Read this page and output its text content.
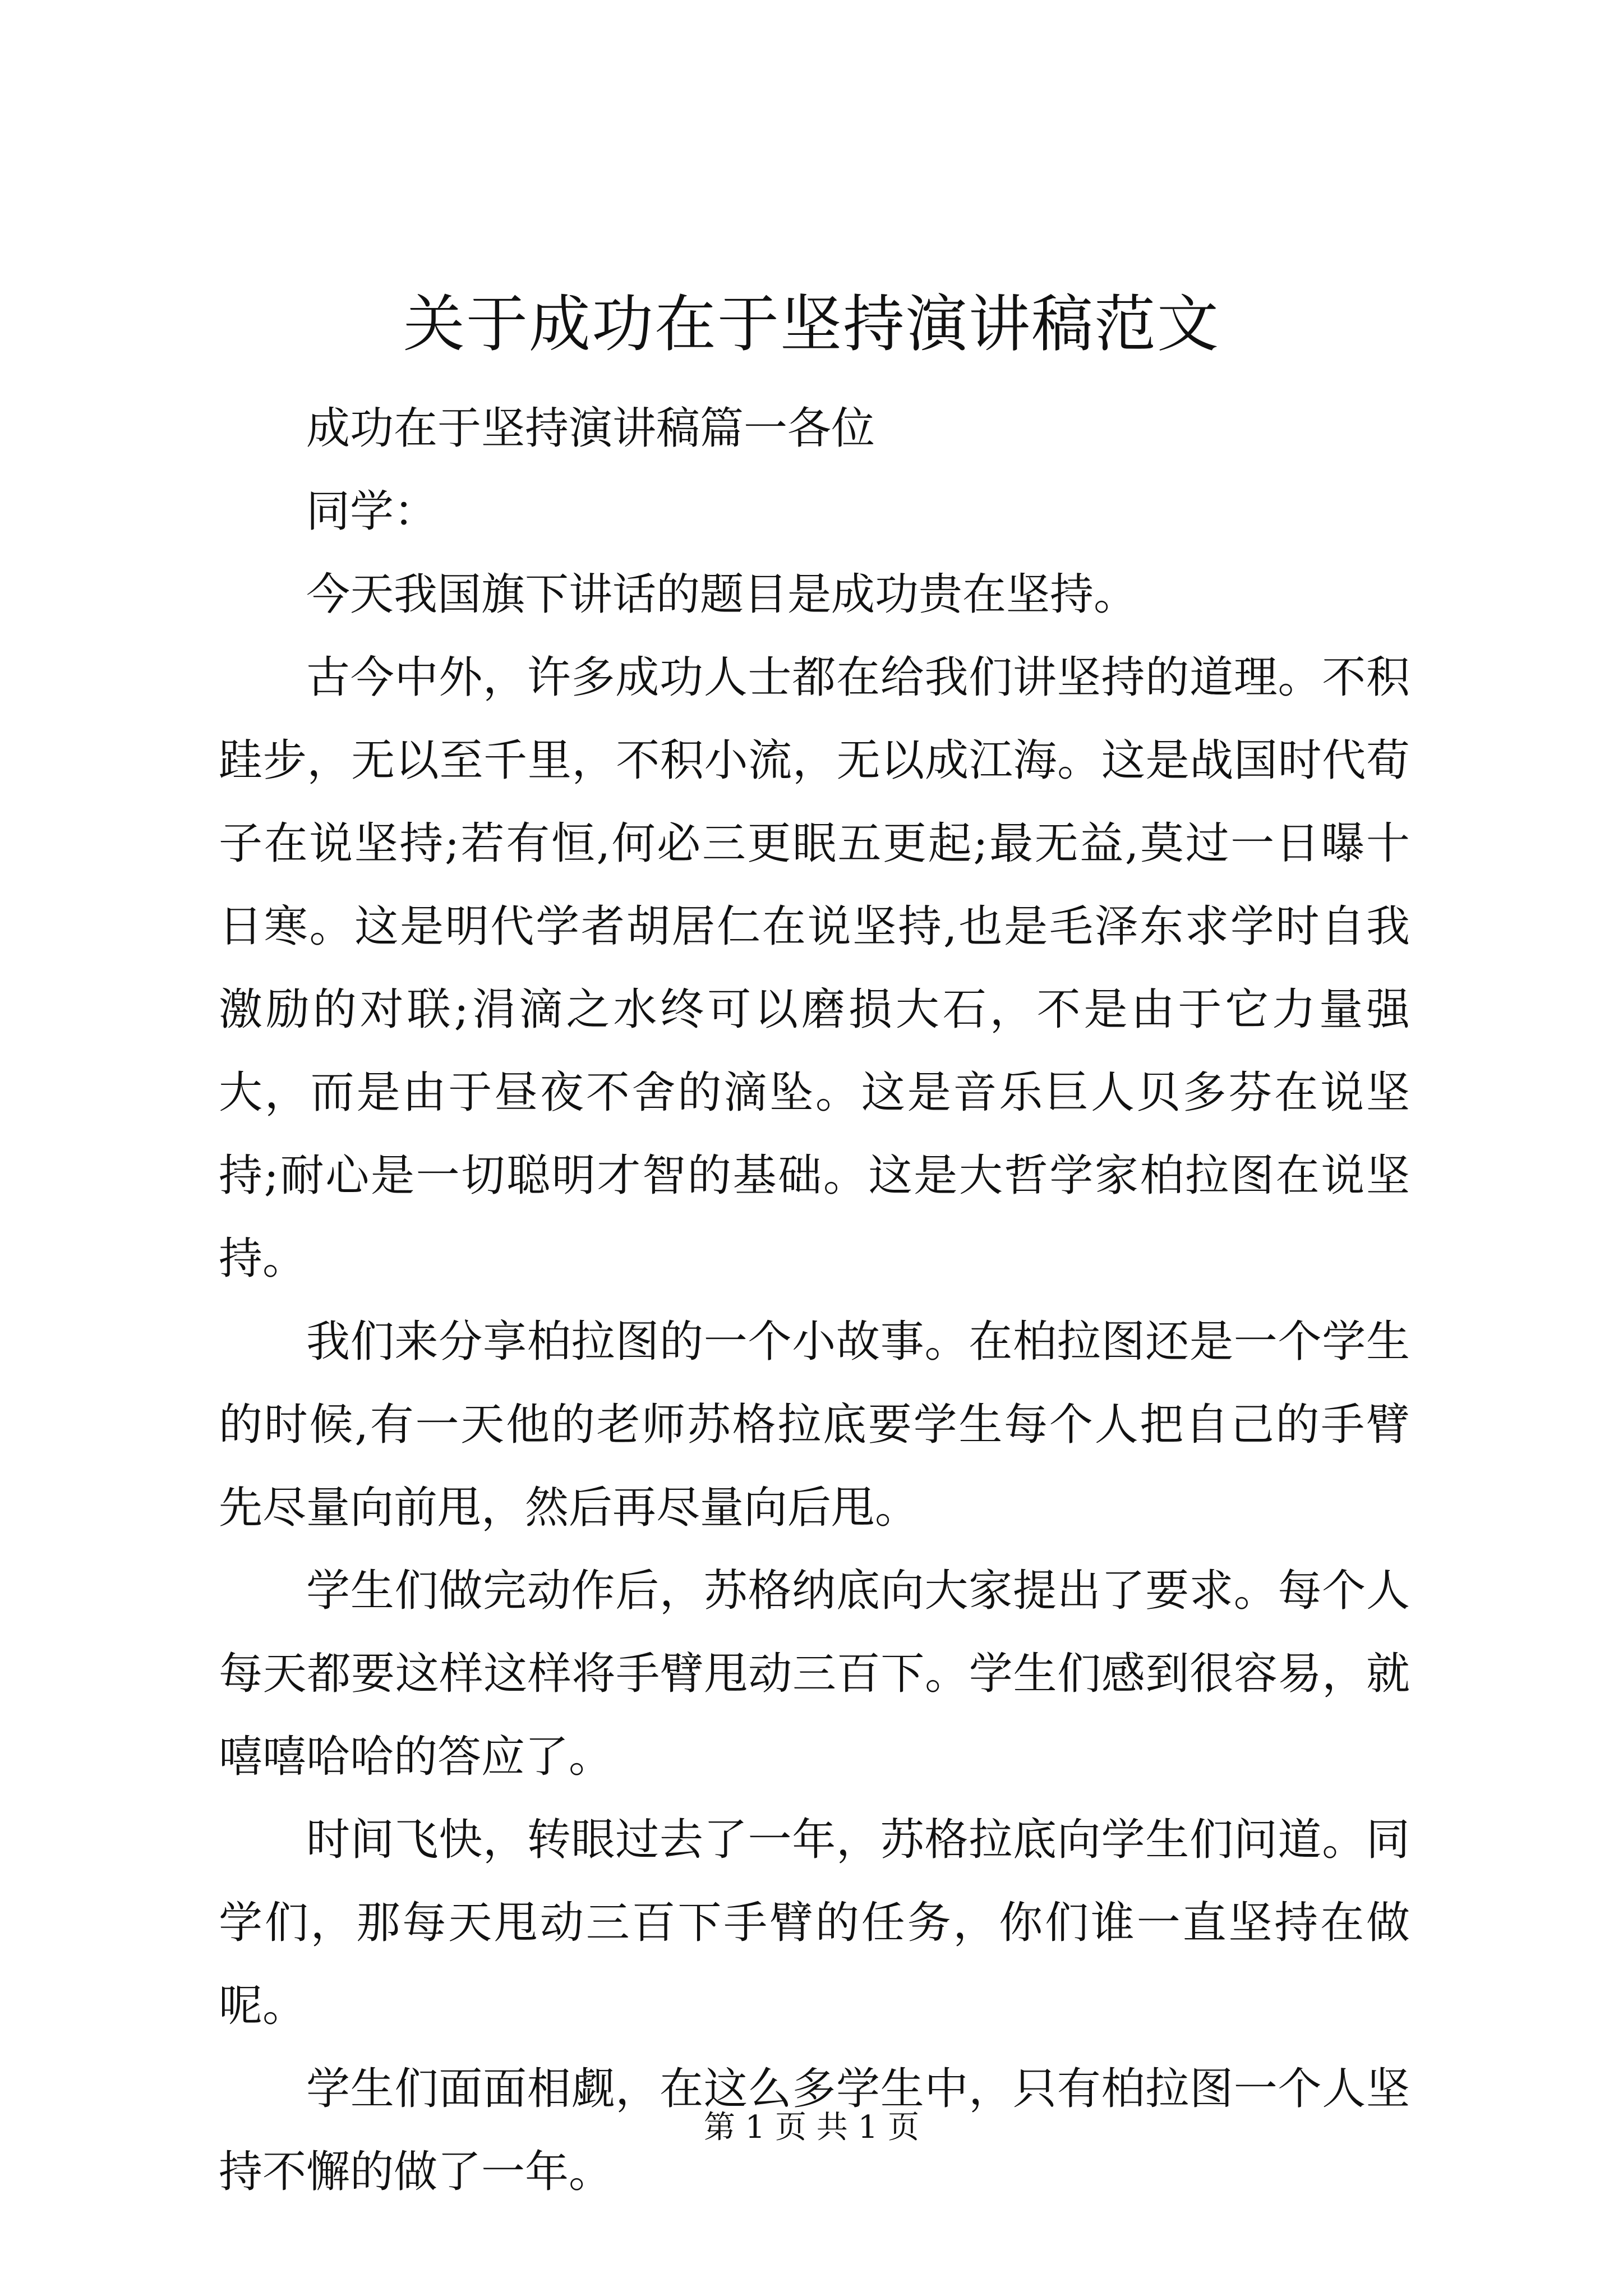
关于成功在于坚持演讲稿范文

成功在于坚持演讲稿篇一各位

同学：

今天我国旗下讲话的题目是成功贵在坚持。

古今中外，许多成功人士都在给我们讲坚持的道理。不积跬步，无以至千里，不积小流，无以成江海。这是战国时代荀子在说坚持;若有恒,何必三更眠五更起;最无益,莫过一日曝十日寒。这是明代学者胡居仁在说坚持,也是毛泽东求学时自我激励的对联;涓滴之水终可以磨损大石，不是由于它力量强大，而是由于昼夜不舍的滴坠。这是音乐巨人贝多芬在说坚持;耐心是一切聪明才智的基础。这是大哲学家柏拉图在说坚持。

我们来分享柏拉图的一个小故事。在柏拉图还是一个学生的时候,有一天他的老师苏格拉底要学生每个人把自己的手臂先尽量向前甩，然后再尽量向后甩。

学生们做完动作后，苏格纳底向大家提出了要求。每个人每天都要这样这样将手臂甩动三百下。学生们感到很容易，就嘻嘻哈哈的答应了。

时间飞快，转眼过去了一年，苏格拉底向学生们问道。同学们，那每天甩动三百下手臂的任务，你们谁一直坚持在做呢。

学生们面面相觑，在这么多学生中，只有柏拉图一个人坚持不懈的做了一年。

第 1 页 共 1 页
